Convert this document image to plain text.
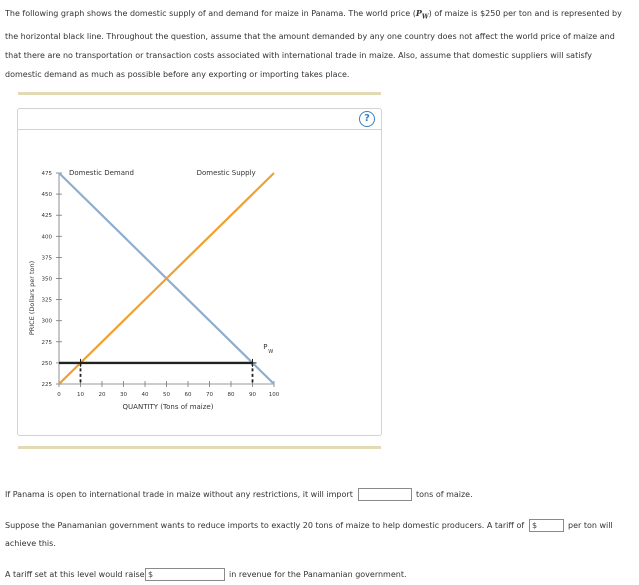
The following graph shows the domestic supply of and demand for maize in Panama. The world price $(P_W)$ of maize is $250 per ton and is represented by the horizontal black line. Throughout the question, assume that the amount demanded by any one country does not affect the world price of maize and that there are no transportation or transaction costs associated with international trade in maize. Also, assume that domestic suppliers will satisfy domestic demand as much as possible before any exporting or importing takes place.
?
PRICE (Dollars per ton)
QUANTITY (Tons of maize)
475
450
425
400
375
350
325
300
275
250
225
0	10	20	30	40	50	60	70	80	90 100
Domestic Demand	Domestic Supply
P
W
If Panama is open to international trade in maize without any restrictions, it will import	tons of maize.
Suppose the Panamanian government wants to reduce imports to exactly 20 tons of maize to help domestic producers. A tariff of $	per ton will
achieve this.
A tariff set at this level would raise $	in revenue for the Panamanian government.
